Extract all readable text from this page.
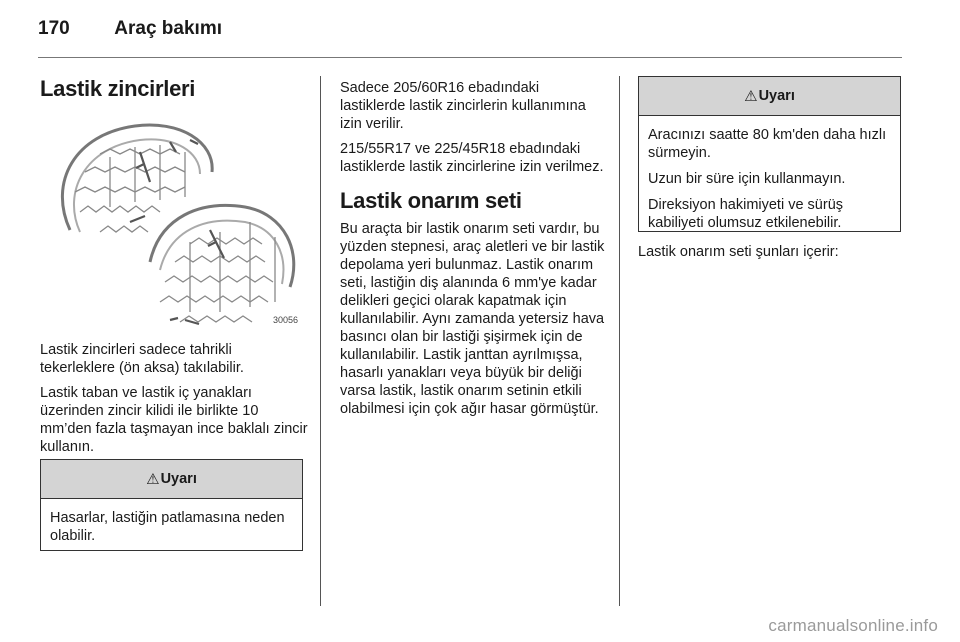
170 Araç bakımı
Lastik zincirleri
30056

Lastik zincirleri sadece tahrikli tekerleklere (ön aksa) takılabilir.

Lastik taban ve lastik iç yanakları üzerinden zincir kilidi ile birlikte 10 mm’den fazla taşmayan ince baklalı zincir kullanın.

⚠ Uyarı

Hasarlar, lastiğin patlamasına neden olabilir.

Sadece 205/60R16 ebadındaki lastiklerde lastik zincirlerin kullanımına izin verilir.

215/55R17 ve 225/45R18 ebadındaki lastiklerde lastik zincirlerine izin verilmez.

Lastik onarım seti

Bu araçta bir lastik onarım seti vardır, bu yüzden stepnesi, araç aletleri ve bir lastik depolama yeri bulunmaz. Lastik onarım seti, lastiğin diş alanında 6 mm'ye kadar delikleri geçici olarak kapatmak için kullanılabilir. Aynı zamanda yetersiz hava basıncı olan bir lastiği şişirmek için de kullanılabilir. Lastik janttan ayrılmışsa, hasarlı yanakları veya büyük bir deliği varsa lastik, lastik onarım setinin etkili olabilmesi için çok ağır hasar görmüştür.

⚠ Uyarı

Aracınızı saatte 80 km'den daha hızlı sürmeyin.

Uzun bir süre için kullanmayın.

Direksiyon hakimiyeti ve sürüş kabiliyeti olumsuz etkilenebilir.

Lastik onarım seti şunları içerir:

carmanualsonline.info
